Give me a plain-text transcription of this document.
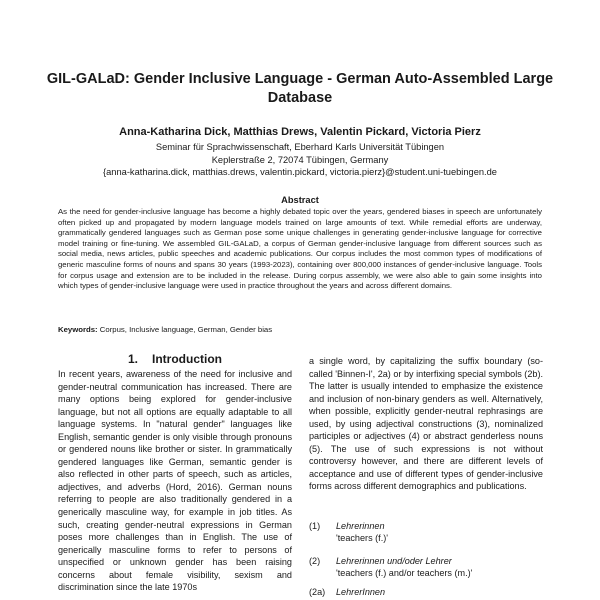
GIL-GALaD: Gender Inclusive Language - German Auto-Assembled Large Database
Anna-Katharina Dick, Matthias Drews, Valentin Pickard, Victoria Pierz
Seminar für Sprachwissenschaft, Eberhard Karls Universität Tübingen
Keplerstraße 2, 72074 Tübingen, Germany
{anna-katharina.dick, matthias.drews, valentin.pickard, victoria.pierz}@student.uni-tuebingen.de
Abstract
As the need for gender-inclusive language has become a highly debated topic over the years, gendered biases in speech are unfortunately often picked up and propagated by modern language models trained on large amounts of text. While remedial efforts are underway, grammatically gendered languages such as German pose some unique challenges in generating gender-inclusive language for corrective model training or fine-tuning. We assembled GIL-GALaD, a corpus of German gender-inclusive language from different sources such as social media, news articles, public speeches and academic publications. Our corpus includes the most common types of modifications of generic masculine forms of nouns and spans 30 years (1993-2023), containing over 800,000 instances of gender-inclusive language. Tools for corpus usage and extension are to be included in the release. During corpus assembly, we were also able to gain some insights into which types of gender-inclusive language were used in practice throughout the years and across different domains.
Keywords: Corpus, Inclusive language, German, Gender bias
1. Introduction

In recent years, awareness of the need for inclusive and gender-neutral communication has increased. There are many options being explored for gender-inclusive language, but not all options are equally adaptable to all language systems. In "natural gender" languages like English, semantic gender is only visible through pronouns or gendered nouns like brother or sister. In grammatically gendered languages like German, semantic gender is also reflected in other parts of speech, such as articles, adjectives, and adverbs (Hord, 2016). German nouns referring to people are also traditionally gendered in a generically masculine way, for example in job titles. As such, creating gender-neutral expressions in German poses more challenges than in English. The use of generically masculine forms to refer to persons of unspecified or unknown gender has been raising concerns about female visibility, sexism and discrimination since the late 1970s

a single word, by capitalizing the suffix boundary (so-called 'Binnen-I', 2a) or by interfixing special symbols (2b). The latter is usually intended to emphasize the existence and inclusion of non-binary genders as well. Alternatively, when possible, explicitly gender-neutral rephrasings are used, by using adjectival constructions (3), nominalized participles or adjectives (4) or abstract genderless nouns (5). The use of such expressions is not without controversy however, and there are different levels of acceptance and use of different types of gender-inclusive forms across different demographics and publications.

(1) Lehrerinnen
'teachers (f.)'
(2) Lehrerinnen und/oder Lehrer
'teachers (f.) and/or teachers (m.)'
(2a) LehrerInnen
